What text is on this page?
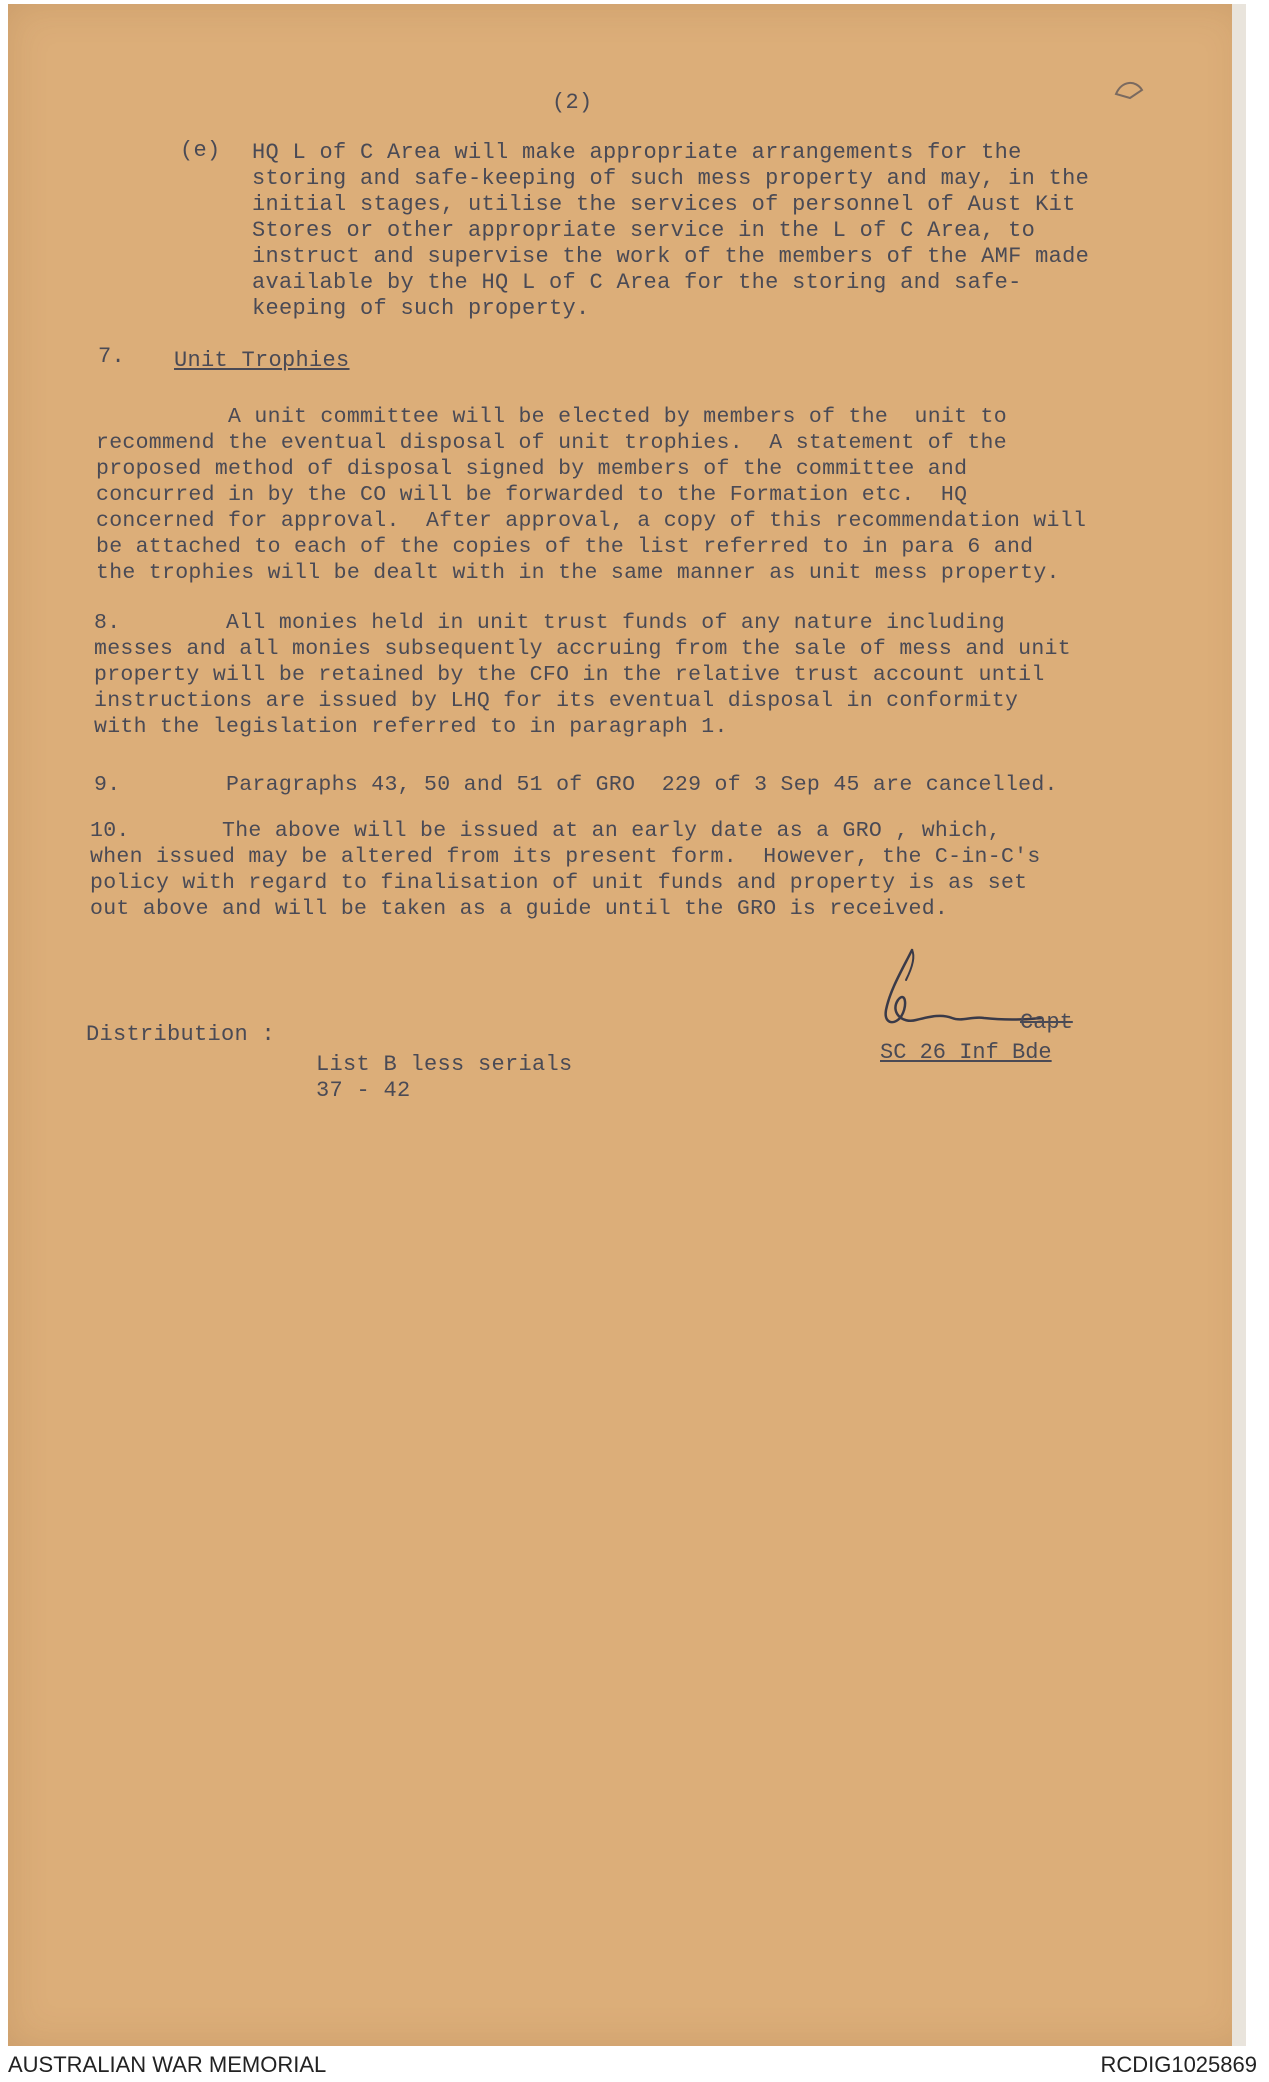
(2)
(e) HQ L of C Area will make appropriate arrangements for the
storing and safe-keeping of such mess property and may, in the
initial stages, utilise the services of personnel of Aust Kit
Stores or other appropriate service in the L of C Area, to
instruct and supervise the work of the members of the AMF made
available by the HQ L of C Area for the storing and safe-
keeping of such property.
7. Unit Trophies
A unit committee will be elected by members of the  unit to
recommend the eventual disposal of unit trophies.  A statement of the
proposed method of disposal signed by members of the committee and
concurred in by the CO will be forwarded to the Formation etc.  HQ
concerned for approval.  After approval, a copy of this recommendation will
be attached to each of the copies of the list referred to in para 6 and
the trophies will be dealt with in the same manner as unit mess property.
8.        All monies held in unit trust funds of any nature including
messes and all monies subsequently accruing from the sale of mess and unit
property will be retained by the CFO in the relative trust account until
instructions are issued by LHQ for its eventual disposal in conformity
with the legislation referred to in paragraph 1.
9.        Paragraphs 43, 50 and 51 of GRO  229 of 3 Sep 45 are cancelled.
10.       The above will be issued at an early date as a GRO , which,
when issued may be altered from its present form.  However, the C-in-C's
policy with regard to finalisation of unit funds and property is as set
out above and will be taken as a guide until the GRO is received.
Capt
SC 26 Inf Bde
Distribution :
List B less serials
37 - 42
AUSTRALIAN WAR MEMORIAL	RCDIG1025869
